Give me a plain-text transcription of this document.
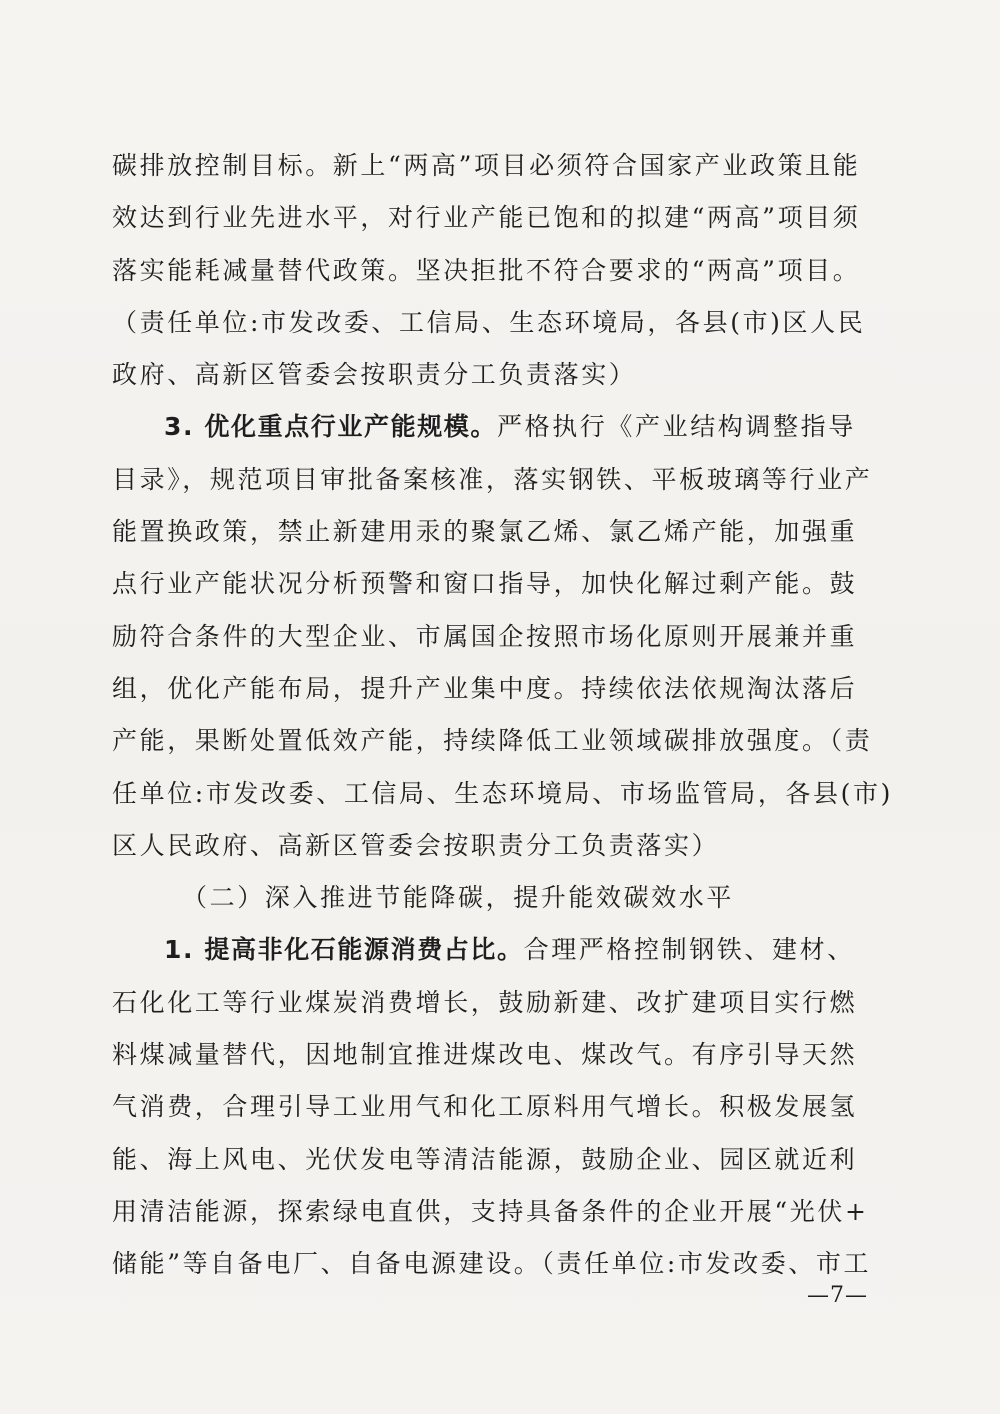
碳排放控制目标。新上“两高”项目必须符合国家产业政策且能
效达到行业先进水平，对行业产能已饱和的拟建“两高”项目须
落实能耗减量替代政策。坚决拒批不符合要求的“两高”项目。
（责任单位:市发改委、工信局、生态环境局，各县(市)区人民
政府、高新区管委会按职责分工负责落实）
3. 优化重点行业产能规模。严格执行《产业结构调整指导
目录》，规范项目审批备案核准，落实钢铁、平板玻璃等行业产
能置换政策，禁止新建用汞的聚氯乙烯、氯乙烯产能，加强重
点行业产能状况分析预警和窗口指导，加快化解过剩产能。鼓
励符合条件的大型企业、市属国企按照市场化原则开展兼并重
组，优化产能布局，提升产业集中度。持续依法依规淘汰落后
产能，果断处置低效产能，持续降低工业领域碳排放强度。（责
任单位:市发改委、工信局、生态环境局、市场监管局，各县(市)
区人民政府、高新区管委会按职责分工负责落实）
（二）深入推进节能降碳，提升能效碳效水平
1. 提高非化石能源消费占比。合理严格控制钢铁、建材、
石化化工等行业煤炭消费增长，鼓励新建、改扩建项目实行燃
料煤减量替代，因地制宜推进煤改电、煤改气。有序引导天然
气消费，合理引导工业用气和化工原料用气增长。积极发展氢
能、海上风电、光伏发电等清洁能源，鼓励企业、园区就近利
用清洁能源，探索绿电直供，支持具备条件的企业开展“光伏+
储能”等自备电厂、自备电源建设。（责任单位:市发改委、市工
—7—
